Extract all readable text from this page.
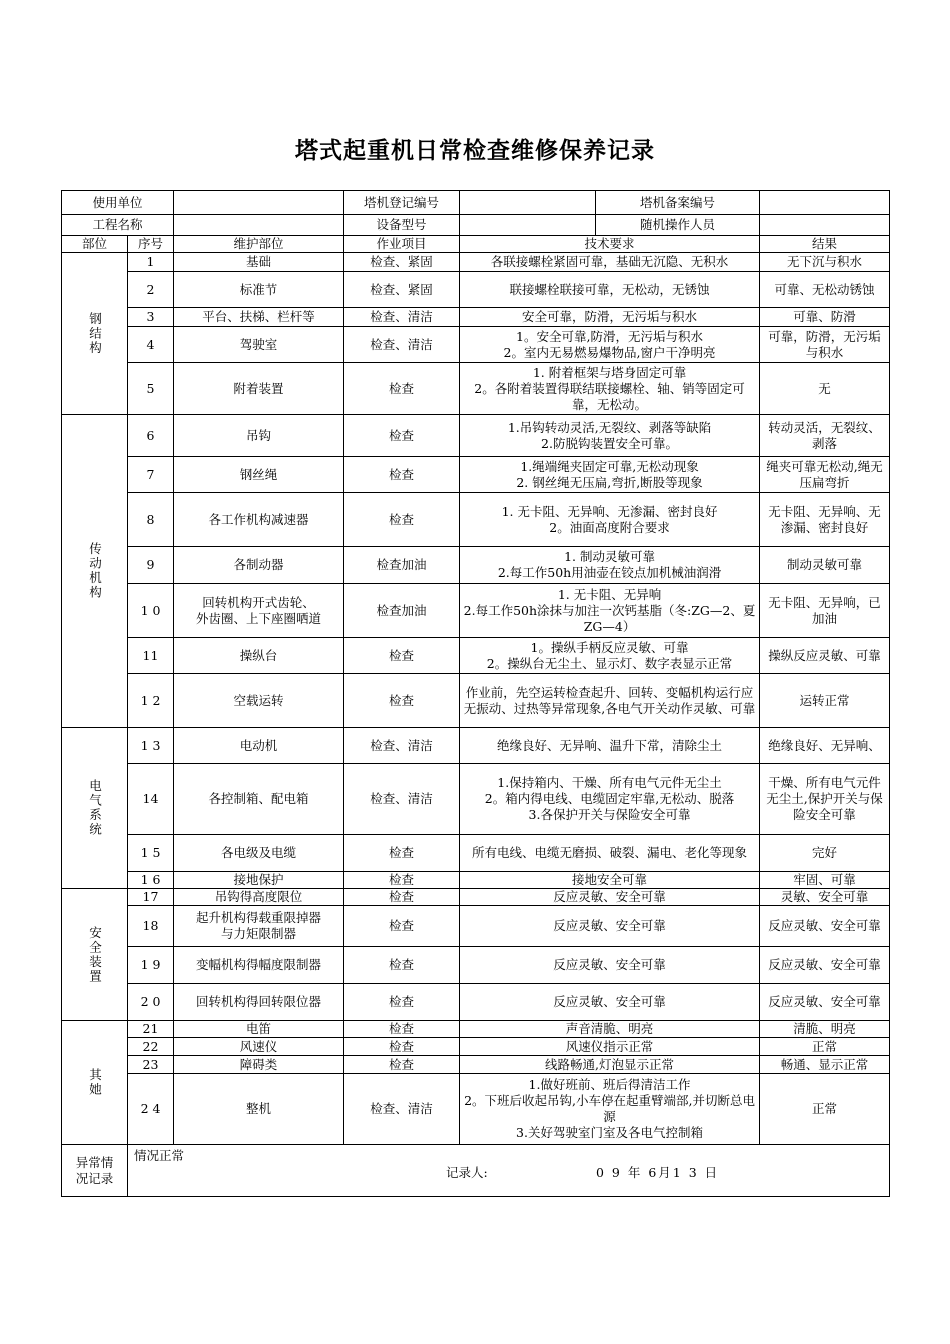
塔式起重机日常检查维修保养记录
使用单位			塔机登记编号	塔机备案编号	

工程名称			设备型号	随机操作人员	

部位	序号	维护部位	作业项目	技术要求	结果
钢结构	1	基础	检查、紧固	各联接螺栓紧固可靠，基础无沉隐、无积水	无下沉与积水

	2	标准节	检查、紧固	联接螺栓联接可靠，无松动，无锈蚀	可靠、无松动锈蚀

	3	平台、扶梯、栏杆等	检查、清洁	安全可靠，防滑，无污垢与积水	可靠、防滑

	4	驾驶室	检查、清洁	1。安全可靠,防滑，无污垢与积水
2。室内无易燃易爆物品,窗户干净明亮	可靠，防滑，无污垢与积水

	5	附着装置	检查	1. 附着框架与塔身固定可靠
2。各附着装置得联结联接螺栓、轴、销等固定可靠，无松动。	无

传动机构	6	吊钩	检查	1.吊钩转动灵活,无裂纹、剥落等缺陷
2.防脱钩装置安全可靠。	转动灵活，无裂纹、剥落

	7	钢丝绳	检查	1.绳端绳夹固定可靠,无松动现象
2. 钢丝绳无压扁,弯折,断股等现象	绳夹可靠无松动,绳无压扁弯折

	8	各工作机构减速器	检查	1. 无卡阻、无异响、无渗漏、密封良好
2。油面高度附合要求	无卡阻、无异响、无渗漏、密封良好

	9	各制动器	检查加油	1. 制动灵敏可靠
2.每工作50h用油壶在铰点加机械油润滑	制动灵敏可靠

	1 0	回转机构开式齿轮、
外齿圈、上下座圈哂道	检查加油	1. 无卡阻、无异响
2.每工作50h涂抹与加注一次钙基脂（冬:ZG—2、夏ZG—4）	无卡阻、无异响，已加油

	11	操纵台	检查	1。操纵手柄反应灵敏、可靠
2。操纵台无尘土、显示灯、数字表显示正常	操纵反应灵敏、可靠

	1 2	空载运转	检查	作业前，先空运转检查起升、回转、变幅机构运行应无振动、过热等异常现象,各电气开关动作灵敏、可靠	运转正常

电气系统	1 3	电动机	检查、清洁	绝缘良好、无异响、温升下常，清除尘土	绝缘良好、无异响、

	14	各控制箱、配电箱	检查、清洁	1.保持箱内、干燥、所有电气元件无尘土
2。箱内得电线、电缆固定牢靠,无松动、脱落
3.各保护开关与保险安全可靠	干燥、所有电气元件无尘土,保护开关与保险安全可靠

	1 5	各电级及电缆	检查	所有电线、电缆无磨损、破裂、漏电、老化等现象	完好

	1 6	接地保护	检查	接地安全可靠	牢固、可靠

安全装置	17	吊钩得高度限位	检查	反应灵敏、安全可靠	灵敏、安全可靠

	18	起升机构得载重限掉器
与力矩限制器	检查	反应灵敏、安全可靠	反应灵敏、安全可靠

	1 9	变幅机构得幅度限制器	检查	反应灵敏、安全可靠	反应灵敏、安全可靠

	2 0	回转机构得回转限位器	检查	反应灵敏、安全可靠	反应灵敏、安全可靠

其她	21	电笛	检查	声音清脆、明亮	清脆、明亮

	22	风速仪	检查	风速仪指示正常	正常

	23	障碍类	检查	线路畅通,灯泡显示正常	畅通、显示正常

	2 4	整机	检查、清洁	1.做好班前、班后得清洁工作
2。下班后收起吊钩,小车停在起重臂端部,并切断总电源
3.关好驾驶室门室及各电气控制箱	正常

异常情况记录	情况正常
记录人: 0 9 年 6月1 3 日				
